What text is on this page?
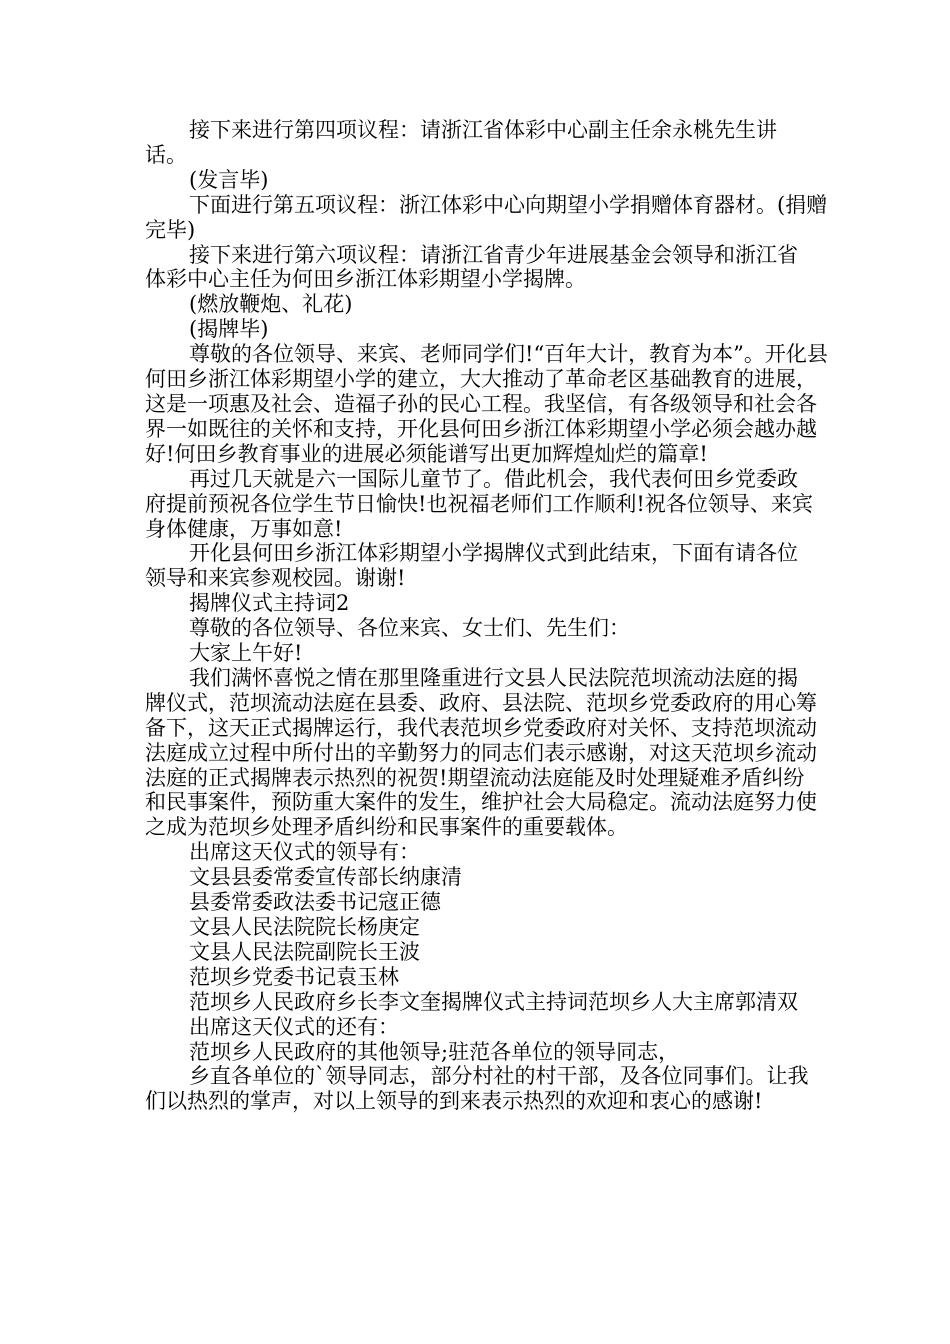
接下来进行第四项议程：请浙江省体彩中心副主任余永桃先生讲话。

(发言毕)

下面进行第五项议程：浙江体彩中心向期望小学捐赠体育器材。(捐赠完毕)

接下来进行第六项议程：请浙江省青少年进展基金会领导和浙江省体彩中心主任为何田乡浙江体彩期望小学揭牌。

(燃放鞭炮、礼花)

(揭牌毕)

尊敬的各位领导、来宾、老师同学们!“百年大计，教育为本”。开化县何田乡浙江体彩期望小学的建立，大大推动了革命老区基础教育的进展，这是一项惠及社会、造福子孙的民心工程。我坚信，有各级领导和社会各界一如既往的关怀和支持，开化县何田乡浙江体彩期望小学必须会越办越好!何田乡教育事业的进展必须能谱写出更加辉煌灿烂的篇章!

再过几天就是六一国际儿童节了。借此机会，我代表何田乡党委政府提前预祝各位学生节日愉快!也祝福老师们工作顺利!祝各位领导、来宾身体健康，万事如意!

开化县何田乡浙江体彩期望小学揭牌仪式到此结束，下面有请各位领导和来宾参观校园。谢谢!

揭牌仪式主持词2

尊敬的各位领导、各位来宾、女士们、先生们：

大家上午好!

我们满怀喜悦之情在那里隆重进行文县人民法院范坝流动法庭的揭牌仪式，范坝流动法庭在县委、政府、县法院、范坝乡党委政府的用心筹备下，这天正式揭牌运行，我代表范坝乡党委政府对关怀、支持范坝流动法庭成立过程中所付出的辛勤努力的同志们表示感谢，对这天范坝乡流动法庭的正式揭牌表示热烈的祝贺!期望流动法庭能及时处理疑难矛盾纠纷和民事案件，预防重大案件的发生，维护社会大局稳定。流动法庭努力使之成为范坝乡处理矛盾纠纷和民事案件的重要载体。

出席这天仪式的领导有：

文县县委常委宣传部长纳康清

县委常委政法委书记寇正德

文县人民法院院长杨庚定

文县人民法院副院长王波

范坝乡党委书记袁玉林

范坝乡人民政府乡长李文奎揭牌仪式主持词范坝乡人大主席郭清双

出席这天仪式的还有：

范坝乡人民政府的其他领导;驻范各单位的领导同志，

乡直各单位的`领导同志，部分村社的村干部，及各位同事们。让我们以热烈的掌声，对以上领导的到来表示热烈的欢迎和衷心的感谢!
